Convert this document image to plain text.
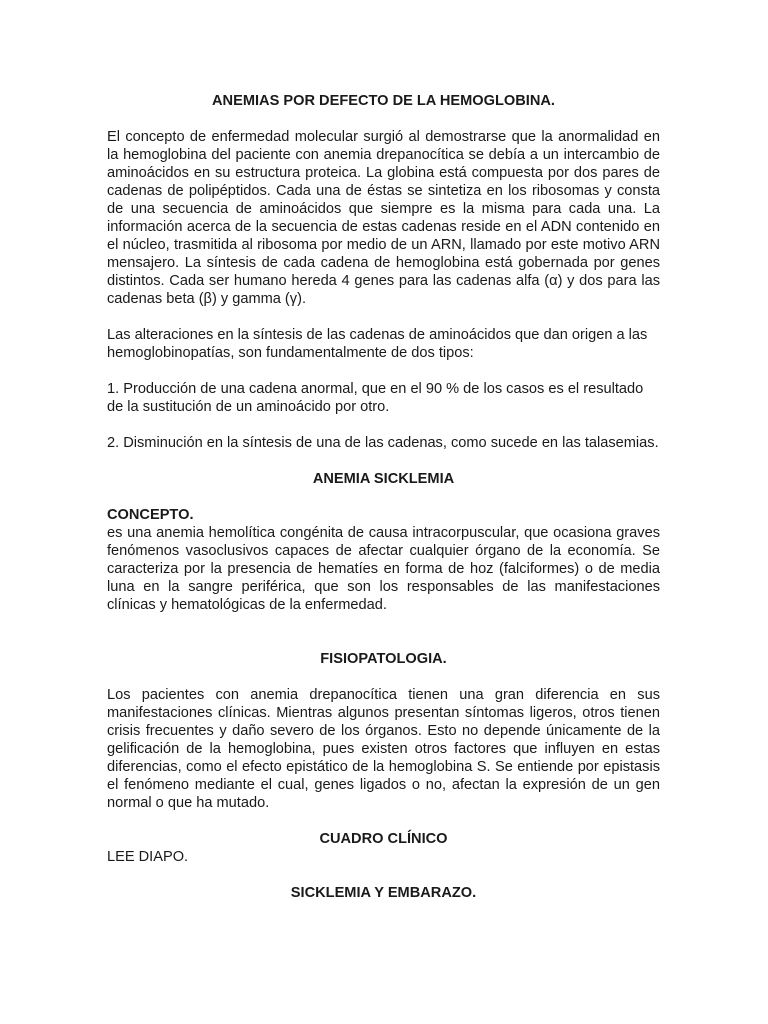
ANEMIAS POR DEFECTO DE LA HEMOGLOBINA.

El concepto de enfermedad molecular surgió al demostrarse que la anormalidad en la hemoglobina del paciente con anemia drepanocítica se debía a un intercambio de aminoácidos en su estructura proteica. La globina está compuesta por dos pares de cadenas de polipéptidos. Cada una de éstas se sintetiza en los ribosomas y consta de una secuencia de aminoácidos que siempre es la misma para cada una. La información acerca de la secuencia de estas cadenas reside en el ADN contenido en el núcleo, trasmitida al ribosoma por medio de un ARN, llamado por este motivo ARN mensajero. La síntesis de cada cadena de hemoglobina está gobernada por genes distintos. Cada ser humano hereda 4 genes para las cadenas alfa (α) y dos para las cadenas beta (β) y gamma (γ).

Las alteraciones en la síntesis de las cadenas de aminoácidos que dan origen a las hemoglobinopatías, son fundamentalmente de dos tipos:

1. Producción de una cadena anormal, que en el 90 % de los casos es el resultado de la sustitución de un aminoácido por otro.

2. Disminución en la síntesis de una de las cadenas, como sucede en las talasemias.

ANEMIA SICKLEMIA

CONCEPTO.

es una anemia hemolítica congénita de causa intracorpuscular, que ocasiona graves fenómenos vasoclusivos capaces de afectar cualquier órgano de la economía. Se caracteriza por la presencia de hematíes en forma de hoz (falciformes) o de media luna en la sangre periférica, que son los responsables de las manifestaciones clínicas y hematológicas de la enfermedad.

FISIOPATOLOGIA.

Los pacientes con anemia drepanocítica tienen una gran diferencia en sus manifestaciones clínicas. Mientras algunos presentan síntomas ligeros, otros tienen crisis frecuentes y daño severo de los órganos. Esto no depende únicamente de la gelificación de la hemoglobina, pues existen otros factores que influyen en estas diferencias, como el efecto epistático de la hemoglobina S. Se entiende por epistasis el fenómeno mediante el cual, genes ligados o no, afectan la expresión de un gen normal o que ha mutado.

CUADRO CLÍNICO

LEE DIAPO.

SICKLEMIA Y EMBARAZO.
